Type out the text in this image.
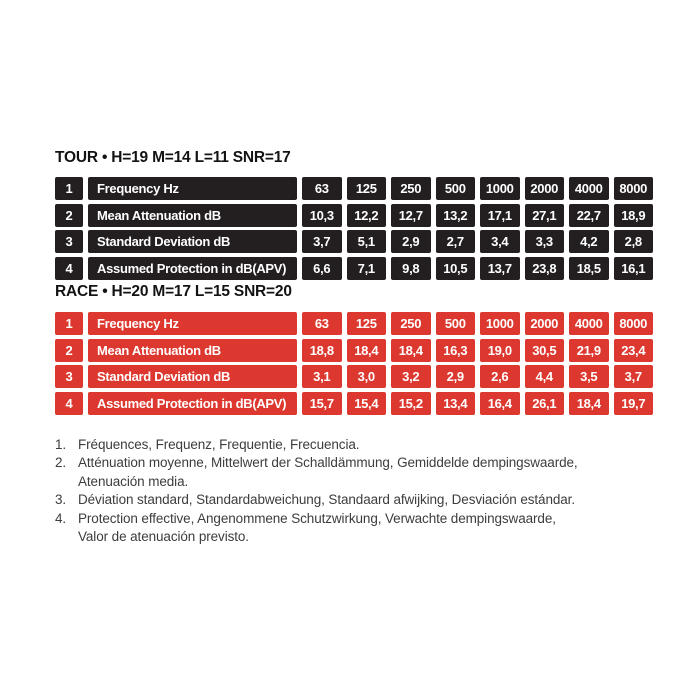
TOUR • H=19 M=14 L=11 SNR=17
1	Frequency Hz	63	125	250	500	1000	2000	4000	8000
2	Mean Attenuation dB	10,3	12,2	12,7	13,2	17,1	27,1	22,7	18,9
3	Standard Deviation dB	3,7	5,1	2,9	2,7	3,4	3,3	4,2	2,8
4	Assumed Protection in dB(APV)	6,6	7,1	9,8	10,5	13,7	23,8	18,5	16,1
RACE • H=20 M=17 L=15 SNR=20
1	Frequency Hz	63	125	250	500	1000	2000	4000	8000
2	Mean Attenuation dB	18,8	18,4	18,4	16,3	19,0	30,5	21,9	23,4
3	Standard Deviation dB	3,1	3,0	3,2	2,9	2,6	4,4	3,5	3,7
4	Assumed Protection in dB(APV)	15,7	15,4	15,2	13,4	16,4	26,1	18,4	19,7
1. Fréquences, Frequenz, Frequentie, Frecuencia.
2. Atténuation moyenne, Mittelwert der Schalldämmung, Gemiddelde dempingswaarde,
Atenuación media.
3. Déviation standard, Standardabweichung, Standaard afwijking, Desviación estándar.
4. Protection effective, Angenommene Schutzwirkung, Verwachte dempingswaarde,
Valor de atenuación previsto.
